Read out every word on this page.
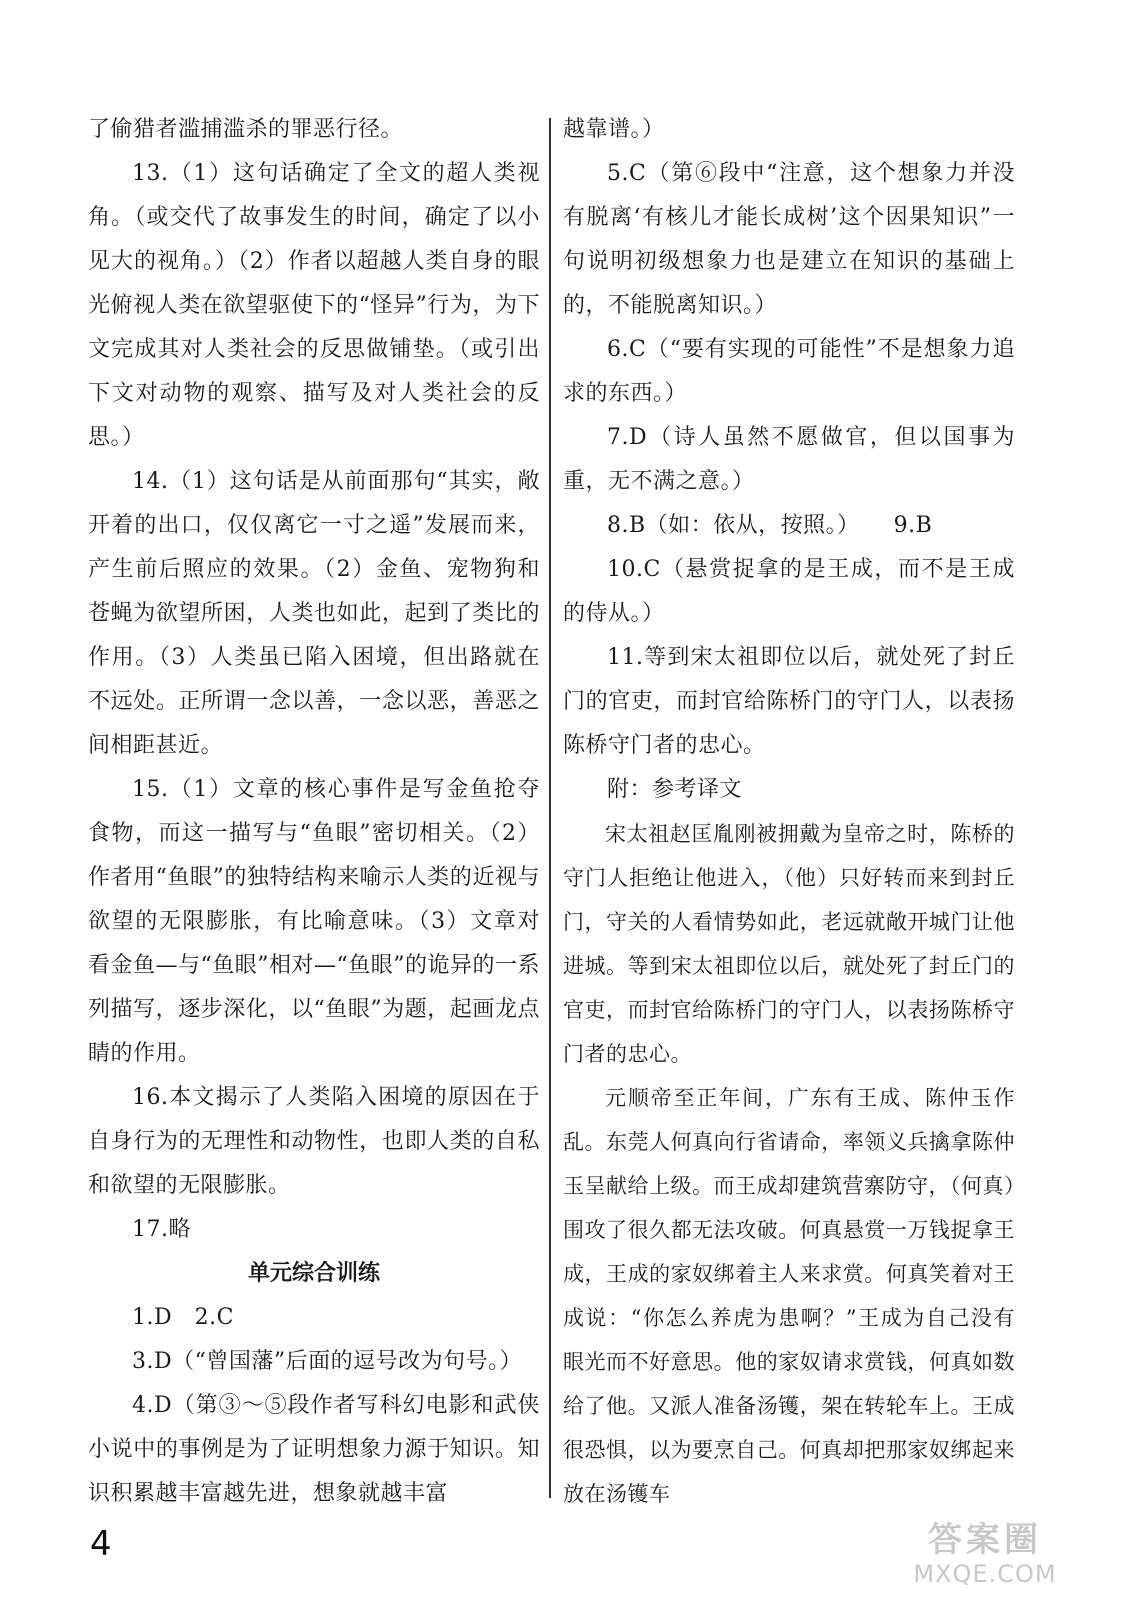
了偷猎者滥捕滥杀的罪恶行径。

13.（1）这句话确定了全文的超人类视角。（或交代了故事发生的时间，确定了以小见大的视角。）（2）作者以超越人类自身的眼光俯视人类在欲望驱使下的“怪异”行为，为下文完成其对人类社会的反思做铺垫。（或引出下文对动物的观察、描写及对人类社会的反思。）

14.（1）这句话是从前面那句“其实，敞开着的出口，仅仅离它一寸之遥”发展而来，产生前后照应的效果。（2）金鱼、宠物狗和苍蝇为欲望所困，人类也如此，起到了类比的作用。（3）人类虽已陷入困境，但出路就在不远处。正所谓一念以善，一念以恶，善恶之间相距甚近。

15.（1）文章的核心事件是写金鱼抢夺食物，而这一描写与“鱼眼”密切相关。（2）作者用“鱼眼”的独特结构来喻示人类的近视与欲望的无限膨胀，有比喻意味。（3）文章对看金鱼—与“鱼眼”相对—“鱼眼”的诡异的一系列描写，逐步深化，以“鱼眼”为题，起画龙点睛的作用。

16.本文揭示了人类陷入困境的原因在于自身行为的无理性和动物性，也即人类的自私和欲望的无限膨胀。

17.略

单元综合训练

1.D　2.C

3.D（“曾国藩”后面的逗号改为句号。）

4.D（第③～⑤段作者写科幻电影和武侠小说中的事例是为了证明想象力源于知识。知识积累越丰富越先进，想象就越丰富

越靠谱。）

5.C（第⑥段中“注意，这个想象力并没有脱离‘有核儿才能长成树’这个因果知识”一句说明初级想象力也是建立在知识的基础上的，不能脱离知识。）

6.C（“要有实现的可能性”不是想象力追求的东西。）

7.D（诗人虽然不愿做官，但以国事为重，无不满之意。）

8.B（如：依从，按照。）　　9.B

10.C（悬赏捉拿的是王成，而不是王成的侍从。）

11.等到宋太祖即位以后，就处死了封丘门的官吏，而封官给陈桥门的守门人，以表扬陈桥守门者的忠心。

附：参考译文

宋太祖赵匡胤刚被拥戴为皇帝之时，陈桥的守门人拒绝让他进入，（他）只好转而来到封丘门，守关的人看情势如此，老远就敞开城门让他进城。等到宋太祖即位以后，就处死了封丘门的官吏，而封官给陈桥门的守门人，以表扬陈桥守门者的忠心。

元顺帝至正年间，广东有王成、陈仲玉作乱。东莞人何真向行省请命，率领义兵擒拿陈仲玉呈献给上级。而王成却建筑营寨防守，（何真）围攻了很久都无法攻破。何真悬赏一万钱捉拿王成，王成的家奴绑着主人来求赏。何真笑着对王成说：“你怎么养虎为患啊？”王成为自己没有眼光而不好意思。他的家奴请求赏钱，何真如数给了他。又派人准备汤镬，架在转轮车上。王成很恐惧，以为要烹自己。何真却把那家奴绑起来放在汤镬车

4	答案圈
MXQE.COM
